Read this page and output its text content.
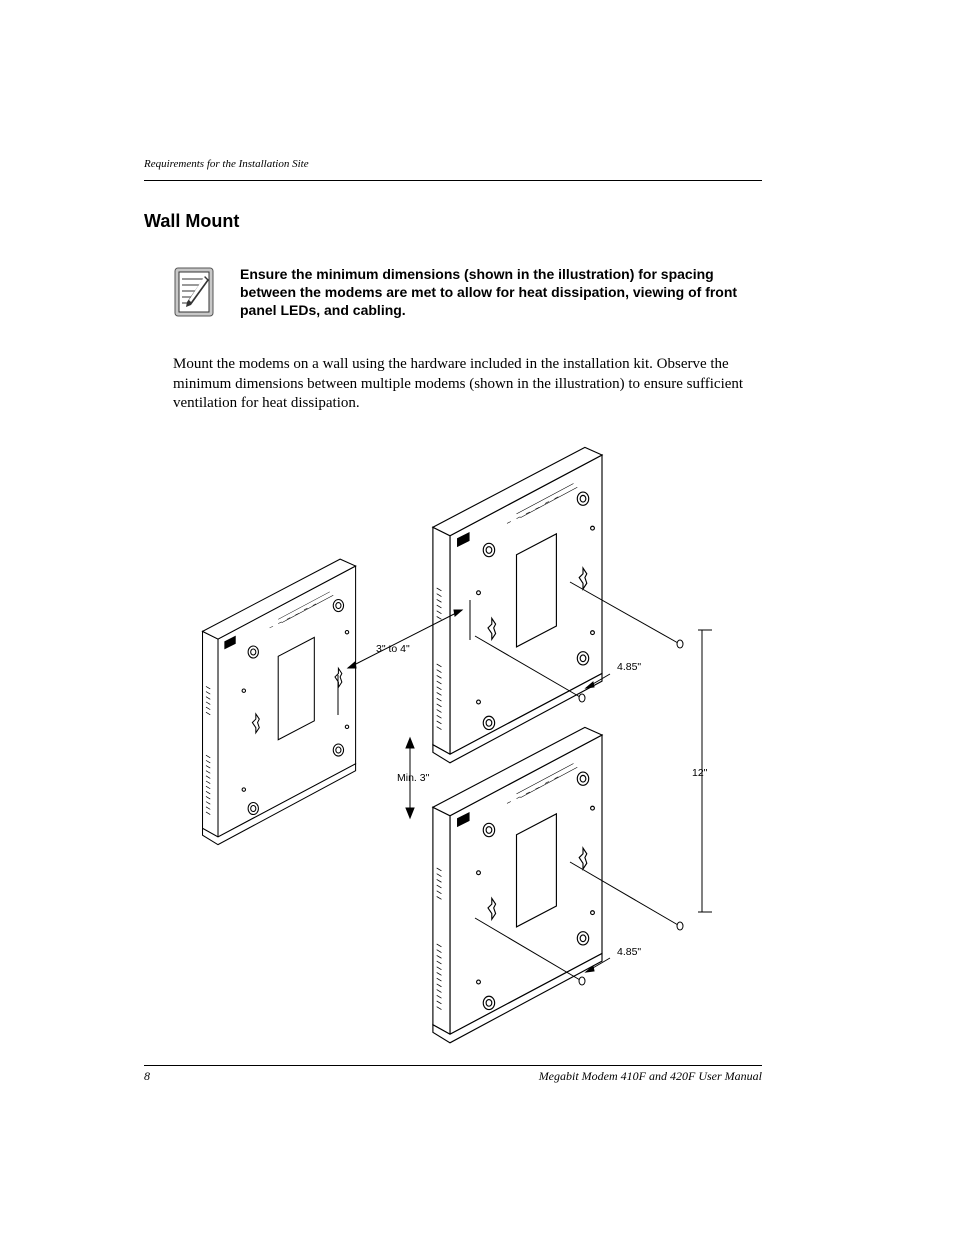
Requirements for the Installation Site
Wall Mount
Ensure the minimum dimensions (shown in the illustration) for spacing between the modems are met to allow for heat dissipation, viewing of front panel LEDs, and cabling.
Mount the modems on a wall using the hardware included in the installation kit. Observe the minimum dimensions between multiple modems (shown in the illustration) to ensure sufficient ventilation for heat dissipation.
3" to 4"
Min. 3"
4.85"
4.85"
12"
8	Megabit Modem 410F and 420F User Manual
